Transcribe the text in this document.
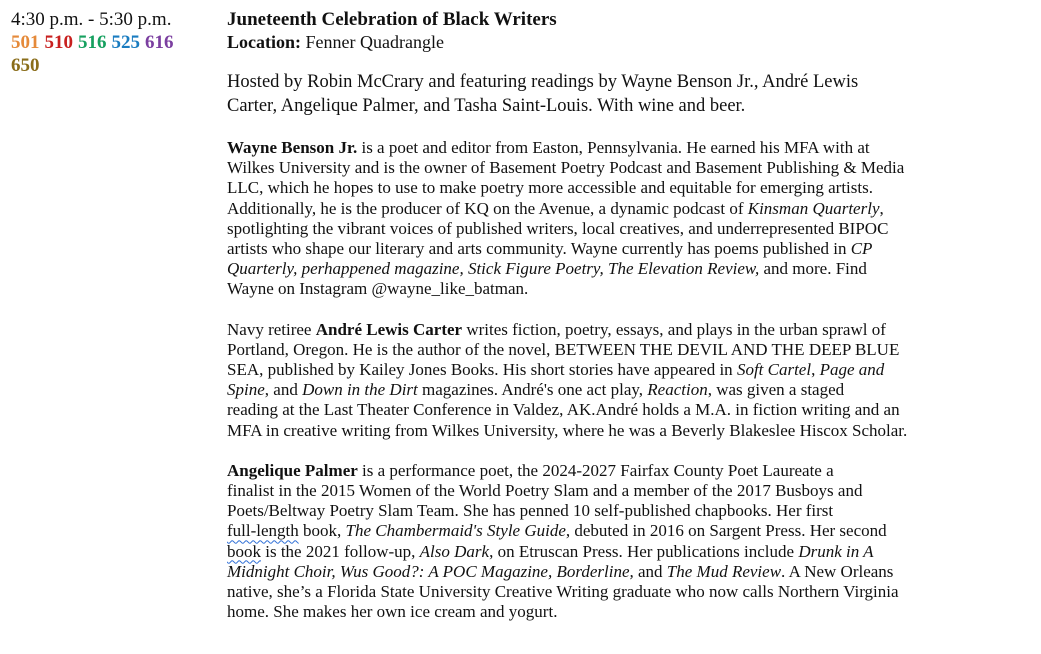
4:30 p.m. - 5:30 p.m.
501 510 516 525 616
650
Juneteenth Celebration of Black Writers
Location: Fenner Quadrangle
Hosted by Robin McCrary and featuring readings by Wayne Benson Jr., André Lewis
Carter, Angelique Palmer, and Tasha Saint-Louis. With wine and beer.
Wayne Benson Jr. is a poet and editor from Easton, Pennsylvania. He earned his MFA with at
Wilkes University and is the owner of Basement Poetry Podcast and Basement Publishing & Media
LLC, which he hopes to use to make poetry more accessible and equitable for emerging artists.
Additionally, he is the producer of KQ on the Avenue, a dynamic podcast of Kinsman Quarterly,
spotlighting the vibrant voices of published writers, local creatives, and underrepresented BIPOC
artists who shape our literary and arts community. Wayne currently has poems published in CP
Quarterly, perhappened magazine, Stick Figure Poetry, The Elevation Review, and more. Find
Wayne on Instagram @wayne_like_batman.
Navy retiree André Lewis Carter writes fiction, poetry, essays, and plays in the urban sprawl of
Portland, Oregon. He is the author of the novel, BETWEEN THE DEVIL AND THE DEEP BLUE
SEA, published by Kailey Jones Books. His short stories have appeared in Soft Cartel, Page and
Spine, and Down in the Dirt magazines. André's one act play, Reaction, was given a staged
reading at the Last Theater Conference in Valdez, AK.André holds a M.A. in fiction writing and an
MFA in creative writing from Wilkes University, where he was a Beverly Blakeslee Hiscox Scholar.
Angelique Palmer is a performance poet, the 2024-2027 Fairfax County Poet Laureate a
finalist in the 2015 Women of the World Poetry Slam and a member of the 2017 Busboys and
Poets/Beltway Poetry Slam Team. She has penned 10 self-published chapbooks. Her first
full-length book, The Chambermaid's Style Guide, debuted in 2016 on Sargent Press. Her second
book is the 2021 follow-up, Also Dark, on Etruscan Press. Her publications include Drunk in A
Midnight Choir, Wus Good?: A POC Magazine, Borderline, and The Mud Review. A New Orleans
native, she’s a Florida State University Creative Writing graduate who now calls Northern Virginia
home. She makes her own ice cream and yogurt.
